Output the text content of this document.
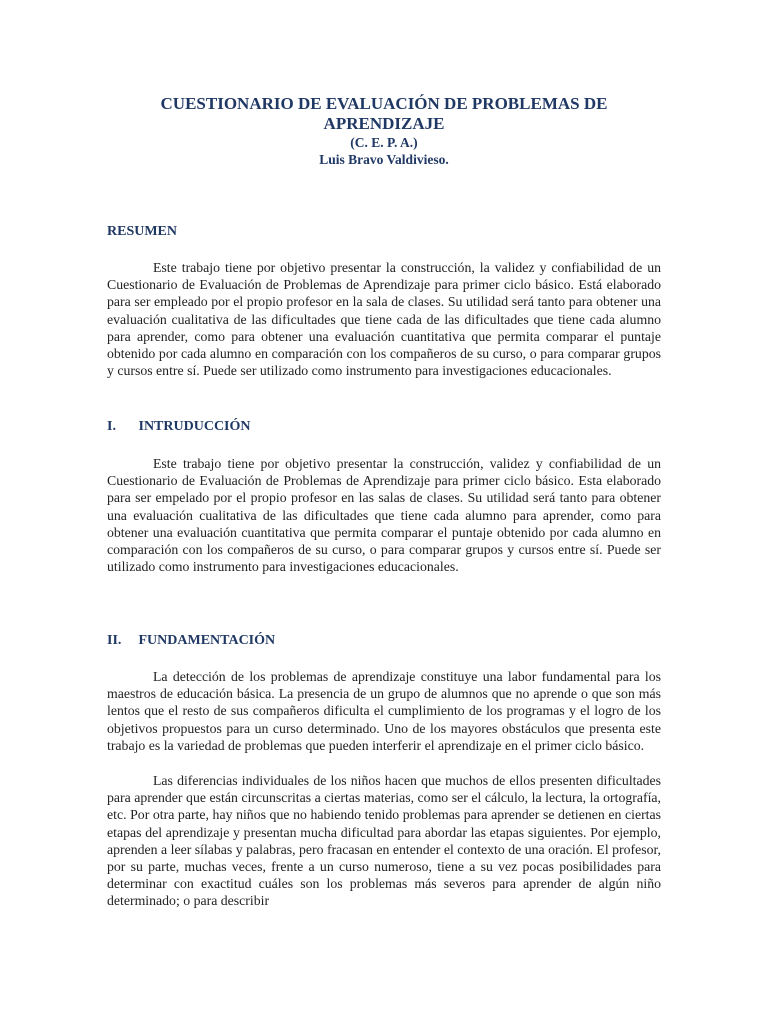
CUESTIONARIO DE EVALUACIÓN DE PROBLEMAS DE

APRENDIZAJE

(C. E. P. A.)

Luis Bravo Valdivieso.

RESUMEN

Este trabajo tiene por objetivo presentar la construcción, la validez y confiabilidad de un Cuestionario de Evaluación de Problemas de Aprendizaje para primer ciclo básico. Está elaborado para ser empleado por el propio profesor en la sala de clases. Su utilidad será tanto para obtener una evaluación cualitativa de las dificultades que tiene cada de las dificultades que tiene cada alumno para aprender, como para obtener una evaluación cuantitativa que permita comparar el puntaje obtenido por cada alumno en comparación con los compañeros de su curso, o para comparar grupos y cursos entre sí. Puede ser utilizado como instrumento para investigaciones educacionales.

I. INTRUDUCCIÓN

Este trabajo tiene por objetivo presentar la construcción, validez y confiabilidad de un Cuestionario de Evaluación de Problemas de Aprendizaje para primer ciclo básico. Esta elaborado para ser empelado por el propio profesor en las salas de clases. Su utilidad será tanto para obtener una evaluación cualitativa de las dificultades que tiene cada alumno para aprender, como para obtener una evaluación cuantitativa que permita comparar el puntaje obtenido por cada alumno en comparación con los compañeros de su curso, o para comparar grupos y cursos entre sí. Puede ser utilizado como instrumento para investigaciones educacionales.

II. FUNDAMENTACIÓN

La detección de los problemas de aprendizaje constituye una labor fundamental para los maestros de educación básica. La presencia de un grupo de alumnos que no aprende o que son más lentos que el resto de sus compañeros dificulta el cumplimiento de los programas y el logro de los objetivos propuestos para un curso determinado. Uno de los mayores obstáculos que presenta este trabajo es la variedad de problemas que pueden interferir el aprendizaje en el primer ciclo básico.

Las diferencias individuales de los niños hacen que muchos de ellos presenten dificultades para aprender que están circunscritas a ciertas materias, como ser el cálculo, la lectura, la ortografía, etc. Por otra parte, hay niños que no habiendo tenido problemas para aprender se detienen en ciertas etapas del aprendizaje y presentan mucha dificultad para abordar las etapas siguientes. Por ejemplo, aprenden a leer sílabas y palabras, pero fracasan en entender el contexto de una oración. El profesor, por su parte, muchas veces, frente a un curso numeroso, tiene a su vez pocas posibilidades para determinar con exactitud cuáles son los problemas más severos para aprender de algún niño determinado; o para describir
